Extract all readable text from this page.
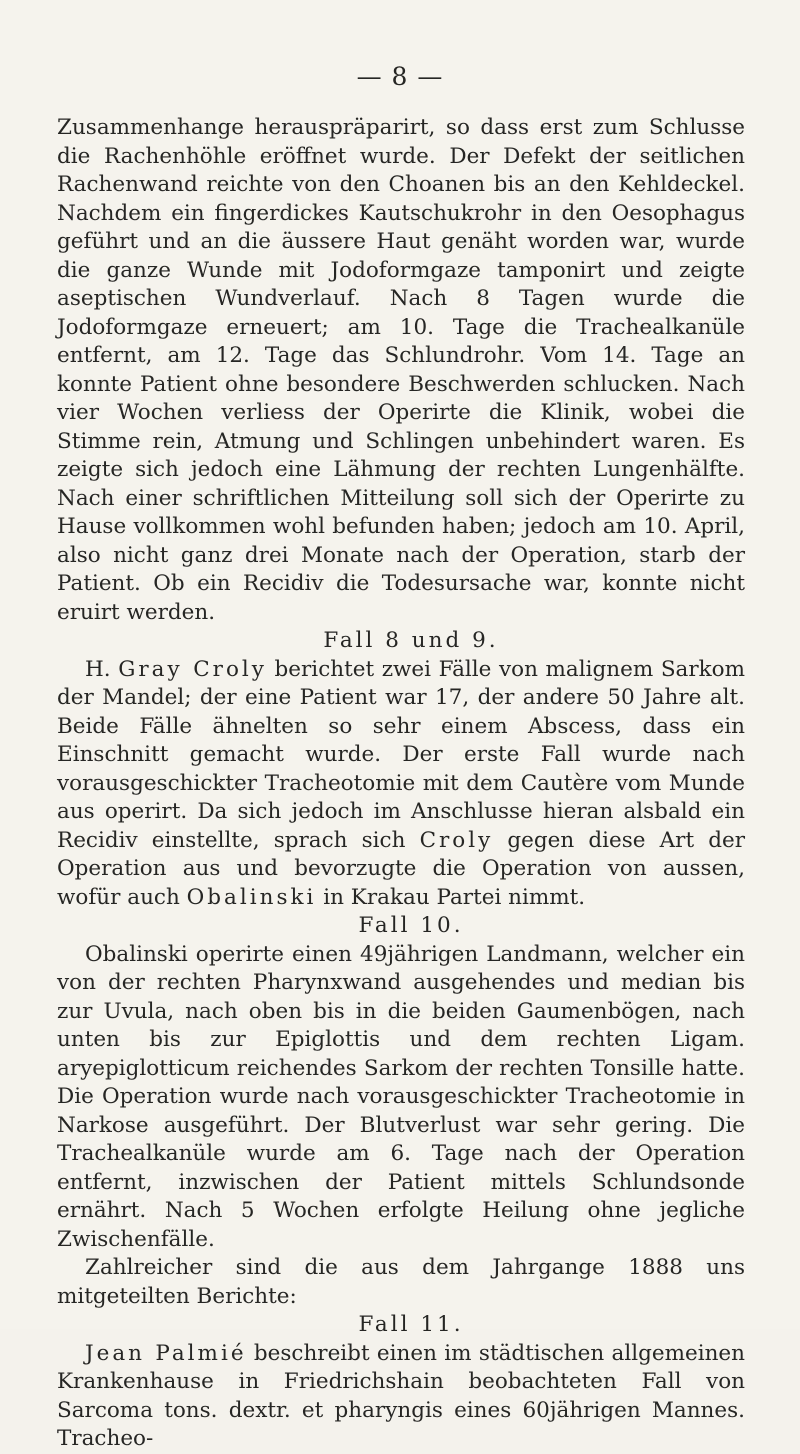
— 8 —

Zusammenhange herauspräparirt, so dass erst zum Schlusse die Rachenhöhle eröffnet wurde. Der Defekt der seitlichen Rachenwand reichte von den Choanen bis an den Kehldeckel. Nachdem ein fingerdickes Kautschukrohr in den Oesophagus geführt und an die äussere Haut genäht worden war, wurde die ganze Wunde mit Jodoformgaze tamponirt und zeigte aseptischen Wundverlauf. Nach 8 Tagen wurde die Jodoformgaze erneuert; am 10. Tage die Trachealkanüle entfernt, am 12. Tage das Schlundrohr. Vom 14. Tage an konnte Patient ohne besondere Beschwerden schlucken. Nach vier Wochen verliess der Operirte die Klinik, wobei die Stimme rein, Atmung und Schlingen unbehindert waren. Es zeigte sich jedoch eine Lähmung der rechten Lungenhälfte. Nach einer schriftlichen Mitteilung soll sich der Operirte zu Hause vollkommen wohl befunden haben; jedoch am 10. April, also nicht ganz drei Monate nach der Operation, starb der Patient. Ob ein Recidiv die Todesursache war, konnte nicht eruirt werden.

Fall 8 und 9.

H. Gray Croly berichtet zwei Fälle von malignem Sarkom der Mandel; der eine Patient war 17, der andere 50 Jahre alt. Beide Fälle ähnelten so sehr einem Abscess, dass ein Einschnitt gemacht wurde. Der erste Fall wurde nach vorausgeschickter Tracheotomie mit dem Cautère vom Munde aus operirt. Da sich jedoch im Anschlusse hieran alsbald ein Recidiv einstellte, sprach sich Croly gegen diese Art der Operation aus und bevorzugte die Operation von aussen, wofür auch Obalinski in Krakau Partei nimmt.

Fall 10.

Obalinski operirte einen 49jährigen Landmann, welcher ein von der rechten Pharynxwand ausgehendes und median bis zur Uvula, nach oben bis in die beiden Gaumenbögen, nach unten bis zur Epiglottis und dem rechten Ligam. aryepiglotticum reichendes Sarkom der rechten Tonsille hatte. Die Operation wurde nach vorausgeschickter Tracheotomie in Narkose ausgeführt. Der Blutverlust war sehr gering. Die Trachealkanüle wurde am 6. Tage nach der Operation entfernt, inzwischen der Patient mittels Schlundsonde ernährt. Nach 5 Wochen erfolgte Heilung ohne jegliche Zwischenfälle.

Zahlreicher sind die aus dem Jahrgange 1888 uns mitgeteilten Berichte:

Fall 11.

Jean Palmié beschreibt einen im städtischen allgemeinen Krankenhause in Friedrichshain beobachteten Fall von Sarcoma tons. dextr. et pharyngis eines 60jährigen Mannes. Tracheo-
